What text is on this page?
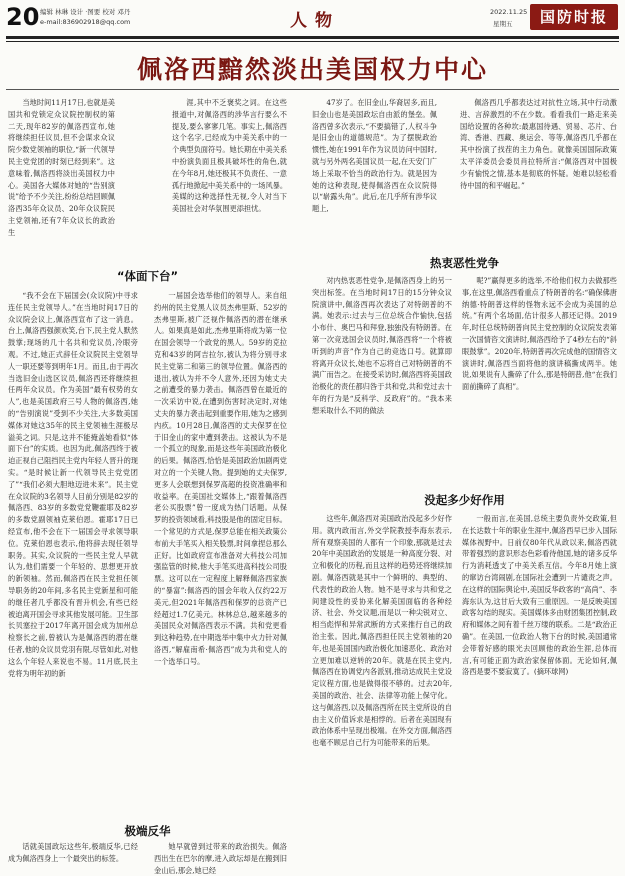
20 编辑 林琳 设计 ·图要 校对 邓丹
e-mail:836902918@qq.com	人物	2022.11.25
星期五	国防时报
佩洛西黯然淡出美国权力中心

当地时间11月17日,也就是美国共和党锁定众议院控制权的第二天,现年82岁的佩洛西宣布,她将继续担任议员,但不会谋求众议院少数党领袖的职位,“新一代领导民主党党团的时刻已经到来”。这意味着,佩洛西将淡出美国权力中心。美国各大媒体对她的“告别演说”给予不少关注,纷纷总结回顾佩洛西35年众议员、20年众议院民主党领袖,还有7年众议长的政治生

涯,其中不乏褒奖之词。在这些报道中,对佩洛西的涉华言行要么不提及,要么寥寥几笔。事实上,佩洛西这个名字,已经成为中美关系中的一个典型负面符号。她长期在中美关系中扮演负面且极具破坏性的角色,就在今年8月,她还极其不负责任、一意孤行地掀起中美关系中的一场风暴。美媒的这种选择性无视,令人对当下美国社会对华氛围更添担忧。

47岁了。在旧金山,华裔居多,而且,旧金山也是美国政坛自由派的堡垒。佩洛西曾多次表示,“不要搞错了,人权斗争是旧金山的道德规范”。为了摆脱政治惯性,她在1991年作为议员访问中国时,就与另外两名美国议员一起,在天安门广场上采取不恰当的政治行为。就是因为她的这种表现,使得佩洛西在众议院得以“崭露头角”。此后,在几乎所有涉华议题上,

佩洛西几乎都表达过对抗性立场,其中行动激进、言辞激烈的不在少数。看看我们一路走来美国给设置的各种坎:最惠国待遇、贸易、芯片、台湾、香港、西藏、奥运会、等等,佩洛西几乎都在其中扮演了找茬的主力角色。就像美国国际政策太平洋委员会委员肖拉特所言:“佩洛西对中国极少有愉悦之情,基本是彻底的怀疑。她难以轻松看待中国的和平崛起。”

“体面下台”

“我不会在下届国会(众议院)中寻求连任民主党领导人。”在当地时间17日的众议院会议上,佩洛西宣布了这一消息。台上,佩洛西强颜欢笑,台下,民主党人默然鼓掌;现场的几十名共和党议员,冷眼旁观。不过,她正式辞任众议院民主党领导人一职还要等到明年1月。而且,由于再次当选旧金山选区议员,佩洛西还将继续担任两年众议员。作为美国“最有权势的女人”,也是美国政府三号人物的佩洛西,她的“告别演说”受到不少关注,大多数美国媒体对她这35年的民主党领袖生涯极尽溢美之词。只是,这并不能掩盖她看似“体面下台”的实质。也因为此,佩洛西终于被迫正视自己阻挡民主党内年轻人晋升的现实。“是时候让新一代领导民主党党团了”“我们必须大胆地迈进未来”。民主党在众议院的3名领导人目前分别是82岁的佩洛西、83岁的多数党党鞭霍耶及82岁的多数党副领袖克莱伯恩。霍耶17日已经宣布,他不会在下一届国会寻求领导职位。克莱伯恩也表示,他将辞去现任领导职务。其实,众议院的一些民主党人早就认为,他们需要一个年轻的、思想更开放的新领袖。然而,佩洛西在民主党担任领导职务的20年间,多名民主党新星和可能的继任者几乎都没有晋升机会,有些已经被迫离开国会寻求其他发展可能。卫生部长贝塞拉于2017年离开国会成为加州总检察长之前,曾被认为是佩洛西的潜在继任者,他的众议员党羽有限,尽管如此,对他这么个年轻人来说也不易。11月底,民主党将为明年初的新

一届国会选举他们的领导人。来自纽约州的民主党黑人议员杰弗里斯、52岁的杰弗里斯,被广泛视作佩洛西的潜在继承人。如果真是如此,杰弗里斯将成为第一位在国会领导一个政党的黑人。59岁的克拉克和43岁的阿吉拉尔,被认为将分别寻求民主党第二和第三的领导位置。佩洛西的退出,被认为并不令人意外,还因为她丈夫之前遭受的暴力袭击。佩洛西曾在最近的一次采访中说,在遭到伤害时决定时,对她丈夫的暴力袭击起到重要作用,她为之感到内疚。10月28日,佩洛西的丈夫保罗在位于旧金山的家中遭到袭击。这被认为不是一个孤立的现象,而是这些年美国政治极化的后果。佩洛西,恰恰是美国政治加剧两党对立的一个关键人物。提到她的丈夫保罗,更多人会联想到保罗高超的投资准确率和收益率。在美国社交媒体上,“跟着佩洛西老公买股票”曾一度成为热门话题。从保罗的投资领域看,科技股是他的固定目标。一个常见的方式是,保罗总能在相关政策公布前大手笔买入相关股票,时间拿捏总那么正好。比如政府宣布准备对大科技公司加强监管的时候,他大手笔买进高科技公司股票。这可以在一定程度上解释佩洛西家族的“暴富”:佩洛西的国会年收入仅约22万美元,但2021年佩洛西和保罗的总资产已经超过1.7亿美元。林林总总,越来越多的美国民众对佩洛西表示不满。共和党更看到这种趋势,在中期选举中集中火力针对佩洛西,“解雇南希·佩洛西”成为共和党人的一个选举口号。

极端反华

话就美国政坛这些年,极端反华,已经成为佩洛西身上一个最突出的标签。

她早就曾到过带来的政治损失。佩洛西出生在巴尔的摩,进入政坛却是在搬到旧金山后,那会,她已经

热衷恶性党争

对内热衷恶性党争,是佩洛西身上的另一突出标签。在当地时间17日的15分钟众议院演讲中,佩洛西再次表达了对特朗普的不满。她表示:过去与三位总统合作愉快,包括小布什、奥巴马和拜登,独独没有特朗普。在第一次竞选国会议员时,佩洛西将“一个将被听到的声音”作为自己的竞选口号。就算即将离开众议长,她也不忘将自己对特朗普的不满广而告之。在接受采访时,佩洛西将美国政治极化的责任都归咎于共和党,共和党过去十年的行为是“反科学、反政府”的。“我本来想采取什么不同的做法

呢?”赢得更多的选举,不给他们权力去做那些事,在这里,佩洛西看重点了特朗普的名:“确保佛唐纳德·特朗普这样的怪物永远不会成为美国的总统。”有两个名场面,估计很多人都还记得。2019年,时任总统特朗普向民主党控制的众议院发表第一次国情咨文演讲时,佩洛西给予了4秒左右的“斜眼鼓掌”。2020年,特朗普再次完成他的国情咨文演讲时,佩洛西当面将他的演讲稿撕成两半。她说,如果说有人撕碎了什么,那是特朗普,他“在我们面前撕碎了真相”。

没起多少好作用

这些年,佩洛西对美国政治没起多少好作用。就内政而言,外交学院教授李海东表示,所有观察美国的人都有一个印象,那就是过去20年中美国政治的发展是一种高度分裂、对立和极化的历程,而且这样的趋势还将继续加剧。佩洛西就是其中一个鲜明的、典型的、代表性的政治人物。她不是寻求与共和党之间建设性的妥协来化解美国面临的各种经济、社会、外交议题,而是以一种尖锐对立、相当彪悍和异常武断的方式来推行自己的政治主张。因此,佩洛西担任民主党领袖的20年,也是美国国内政治极化加速恶化、政治对立更加难以逆转的20年。就是在民主党内,佩洛西在协调党内各派别,推动达成民主党设定议程方面,也是做得很不够的。过去20年,美国的政治、社会、法律等功能上保守化。这与佩洛西,以及佩洛西所在民主党所设的自由主义价值诉求是相悖的。后者在美国现有政治体系中呈现出极端。在外交方面,佩洛西也毫不顾忌自己行为可能带来的后果。

一般而言,在美国,总统主要负责外交政策,但在长达数十年的职业生涯中,佩洛西早已步入国际媒体视野中。日前仅80年代从政以来,佩洛西就带着强烈的意识形态色彩看待他国,她的诸多反华行为消耗透支了中美关系互信。今年8月她上演的窜访台湾闹剧,在国际社会遭到一片谴责之声。在这样的国际舆论中,美国反华政客的“高尚”、李海东认为,这甘后大致有三重原因。一是反映美国政客勾结的现实。美国媒体多由财团集团控制,政府和媒体之间有着千丝万缕的联系。二是“政治正确”。在美国,一位政治人物下台的时候,美国通常会带着好感的眼光去回顾他的政治生涯,总体而言,有可能正面为政治家保留体面。无论如何,佩洛西是要不要寂寞了。(摘环球网)
